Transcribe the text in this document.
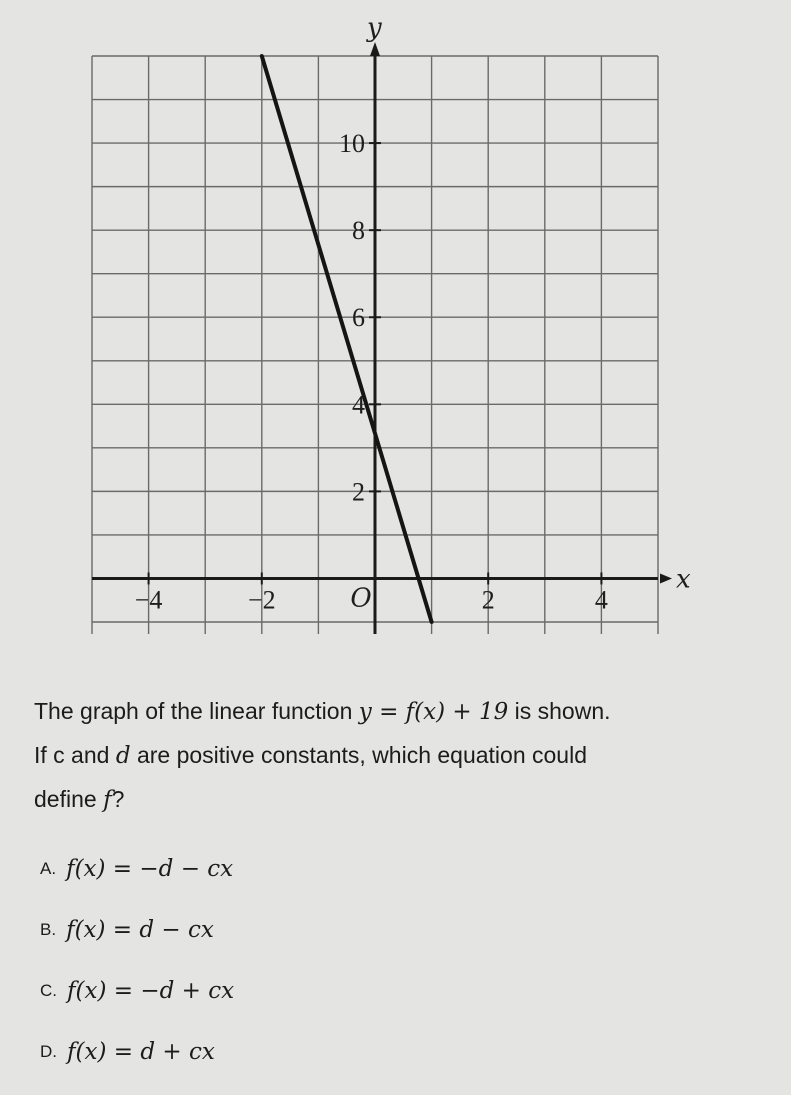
x
y
−4	−2	2	4
2
4
6
8
10
O
The graph of the linear function y = f(x) + 19 is shown.
If c and d are positive constants, which equation could
define f?
A. f(x) = −d − cx
B. f(x) = d − cx
C. f(x) = −d + cx
D. f(x) = d + cx
